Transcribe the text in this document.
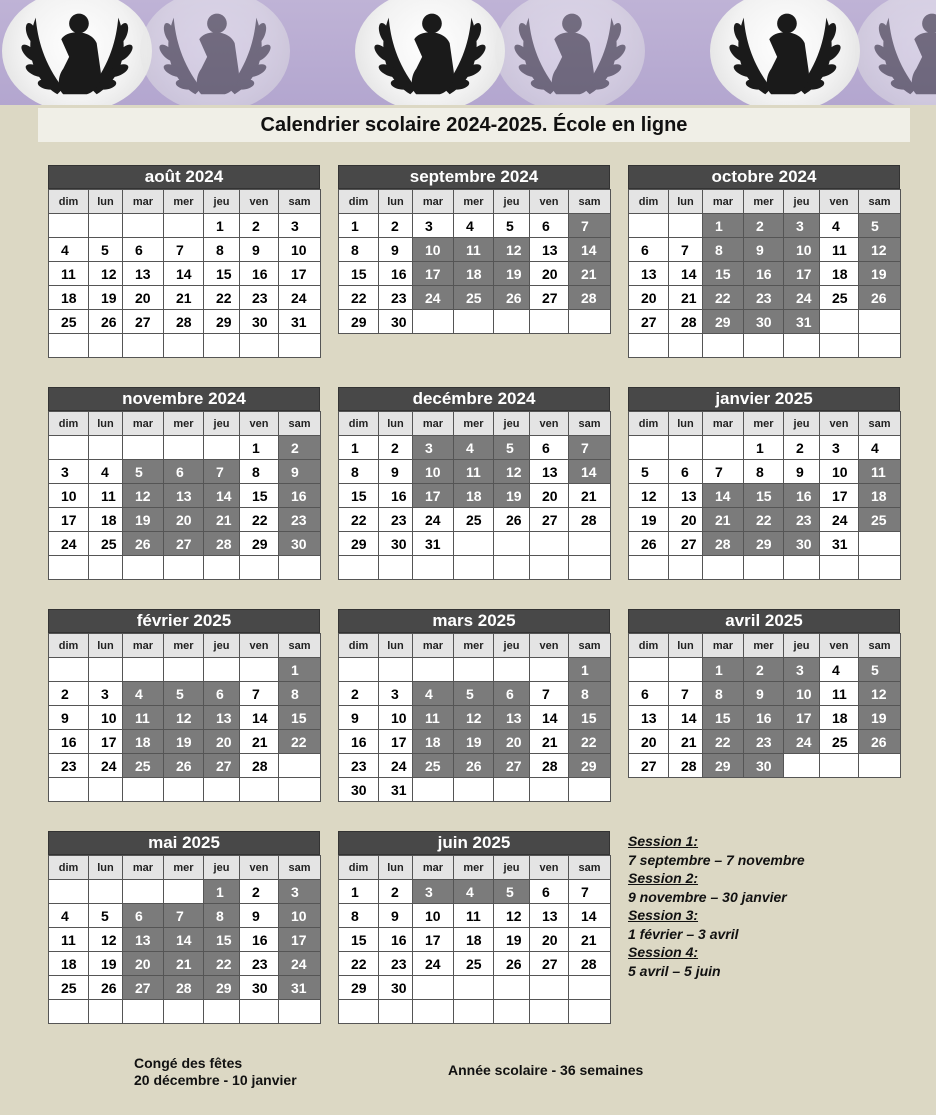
Calendrier scolaire 2024-2025. École en ligne
août 2024
dim	lun	mar	mer	jeu	ven	sam
				1	2	3
4	5	6	7	8	9	10
11	12	13	14	15	16	17
18	19	20	21	22	23	24
25	26	27	28	29	30	31

septembre 2024
dim	lun	mar	mer	jeu	ven	sam
1	2	3	4	5	6	7
8	9	10	11	12	13	14
15	16	17	18	19	20	21
22	23	24	25	26	27	28
29	30					
octobre 2024
dim	lun	mar	mer	jeu	ven	sam
		1	2	3	4	5
6	7	8	9	10	11	12
13	14	15	16	17	18	19
20	21	22	23	24	25	26
27	28	29	30	31		

novembre 2024
dim	lun	mar	mer	jeu	ven	sam
					1	2
3	4	5	6	7	8	9
10	11	12	13	14	15	16
17	18	19	20	21	22	23
24	25	26	27	28	29	30

decémbre 2024
dim	lun	mar	mer	jeu	ven	sam
1	2	3	4	5	6	7
8	9	10	11	12	13	14
15	16	17	18	19	20	21
22	23	24	25	26	27	28
29	30	31				

janvier 2025
dim	lun	mar	mer	jeu	ven	sam
			1	2	3	4
5	6	7	8	9	10	11
12	13	14	15	16	17	18
19	20	21	22	23	24	25
26	27	28	29	30	31	

février 2025
dim	lun	mar	mer	jeu	ven	sam
						1
2	3	4	5	6	7	8
9	10	11	12	13	14	15
16	17	18	19	20	21	22
23	24	25	26	27	28	

mars 2025
dim	lun	mar	mer	jeu	ven	sam
						1
2	3	4	5	6	7	8
9	10	11	12	13	14	15
16	17	18	19	20	21	22
23	24	25	26	27	28	29
30	31					
avril 2025
dim	lun	mar	mer	jeu	ven	sam
		1	2	3	4	5
6	7	8	9	10	11	12
13	14	15	16	17	18	19
20	21	22	23	24	25	26
27	28	29	30			
mai 2025
dim	lun	mar	mer	jeu	ven	sam
				1	2	3
4	5	6	7	8	9	10
11	12	13	14	15	16	17
18	19	20	21	22	23	24
25	26	27	28	29	30	31

juin 2025
dim	lun	mar	mer	jeu	ven	sam
1	2	3	4	5	6	7
8	9	10	11	12	13	14
15	16	17	18	19	20	21
22	23	24	25	26	27	28
29	30					

Session 1:
7 septembre – 7 novembre
Session 2:
9 novembre – 30 janvier
Session 3:
1 février – 3 avril
Session 4:
5 avril – 5 juin
Congé des fêtes
20 décembre - 10 janvier
Année scolaire - 36 semaines
